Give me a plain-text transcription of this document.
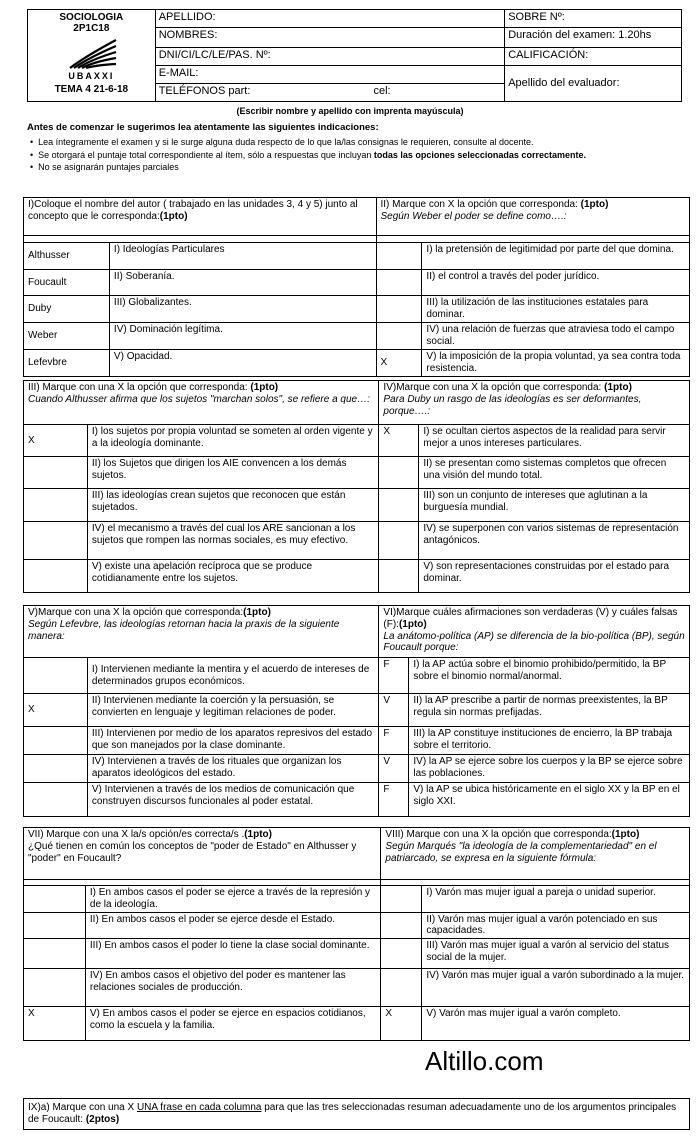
SOCIOLOGIA
2P1C18
UBAXXI
TEMA 4 21-6-18	APELLIDO:	SOBRE Nº:
	NOMBRES:	Duración del examen: 1.20hs
	DNI/CI/LC/LE/PAS. Nº:	CALIFICACIÓN:
	E-MAIL:	Apellido del evaluador:
	TELÉFONOS part: cel:	
(Escribir nombre y apellido con imprenta mayúscula)
Antes de comenzar le sugerimos lea atentamente las siguientes indicaciones:
• Lea íntegramente el examen y si le surge alguna duda respecto de lo que la/las consignas le requieren, consulte al docente.
• Se otorgará el puntaje total correspondiente al ítem, sólo a respuestas que incluyan todas las opciones seleccionadas correctamente.
• No se asignarán puntajes parciales
I)Coloque el nombre del autor ( trabajado en las unidades 3, 4 y 5) junto al concepto que le corresponda:(1pto)		II) Marque con X la opción que corresponda: (1pto)
Según Weber el poder se define como….:	

Althusser	I) Ideologías Particulares		I) la pretensión de legitimidad por parte del que domina.
Foucault	II) Soberanía.		II) el control a través del poder jurídico.
Duby	III) Globalizantes.		III) la utilización de las instituciones estatales para dominar.
Weber	IV) Dominación legítima.		IV) una relación de fuerzas que atraviesa todo el campo social.
Lefevbre	V) Opacidad.	X	V) la imposición de la propia voluntad, ya sea contra toda resistencia.
III) Marque con una X la opción que corresponda: (1pto)
Cuando Althusser afirma que los sujetos "marchan solos", se refiere a que…:		IV)Marque con una X la opción que corresponda: (1pto)
Para Duby un rasgo de las ideologías es ser deformantes, porque….:	
X	I) los sujetos por propia voluntad se someten al orden vigente y a la ideología dominante.	X	I) se ocultan ciertos aspectos de la realidad para servir mejor a unos intereses particulares.
	II) los Sujetos que dirigen los AIE convencen a los demás sujetos.		II) se presentan como sistemas completos que ofrecen una visión del mundo total.
	III) las ideologías crean sujetos que reconocen que están sujetados.		III) son un conjunto de intereses que aglutinan a la burguesía mundial.
	IV) el mecanismo a través del cual los ARE sancionan a los sujetos que rompen las normas sociales, es muy efectivo.		IV) se superponen con varios sistemas de representación antagónicos.
	V) existe una apelación recíproca que se produce cotidianamente entre los sujetos.		V) son representaciones construidas por el estado para dominar.
V)Marque con una X la opción que corresponda:(1pto)
Según Lefevbre, las ideologías retornan hacia la praxis de la siguiente manera:		VI)Marque cuáles afirmaciones son verdaderas (V) y cuáles falsas (F):(1pto)
La anátomo-política (AP) se diferencia de la bio-política (BP), según Foucault porque:	
	I) Intervienen mediante la mentira y el acuerdo de intereses de determinados grupos económicos.	F	I) la AP actúa sobre el binomio prohibido/permitido, la BP sobre el binomio normal/anormal.
X	II) Intervienen mediante la coerción y la persuasión, se convierten en lenguaje y legitiman relaciones de poder.	V	II) la AP prescribe a partir de normas preexistentes, la BP regula sin normas prefijadas.
	III) Intervienen por medio de los aparatos represivos del estado que son manejados por la clase dominante.	F	III) la AP constituye instituciones de encierro, la BP trabaja sobre el territorio.
	IV) Intervienen a través de los rituales que organizan los aparatos ideológicos del estado.	V	IV) la AP se ejerce sobre los cuerpos y la BP se ejerce sobre las poblaciones.
	V) Intervienen a través de los medios de comunicación que construyen discursos funcionales al poder estatal.	F	V) la AP se ubica históricamente en el siglo XX y la BP en el siglo XXI.
VII) Marque con una X la/s opción/es correcta/s .(1pto)
¿Qué tienen en común los conceptos de "poder de Estado" en Althusser y "poder" en Foucault?		VIII) Marque con una X la opción que corresponda:(1pto)
Según Marqués "la ideología de la complementariedad" en el patriarcado, se expresa en la siguiente fórmula:	

	I) En ambos casos el poder se ejerce a través de la represión y de la ideología.		I) Varón mas mujer igual a pareja o unidad superior.
	II) En ambos casos el poder se ejerce desde el Estado.		II) Varón mas mujer igual a varón potenciado en sus capacidades.
	III) En ambos casos el poder lo tiene la clase social dominante.		III) Varón mas mujer igual a varón al servicio del status social de la mujer.
	IV) En ambos casos el objetivo del poder es mantener las relaciones sociales de producción.		IV) Varón mas mujer igual a varón subordinado a la mujer.
X	V) En ambos casos el poder se ejerce en espacios cotidianos, como la escuela y la familia.	X	V) Varón mas mujer igual a varón completo.
Altillo.com
IX)a) Marque con una X UNA frase en cada columna para que las tres seleccionadas resuman adecuadamente uno de los argumentos principales de Foucault: (2ptos)
